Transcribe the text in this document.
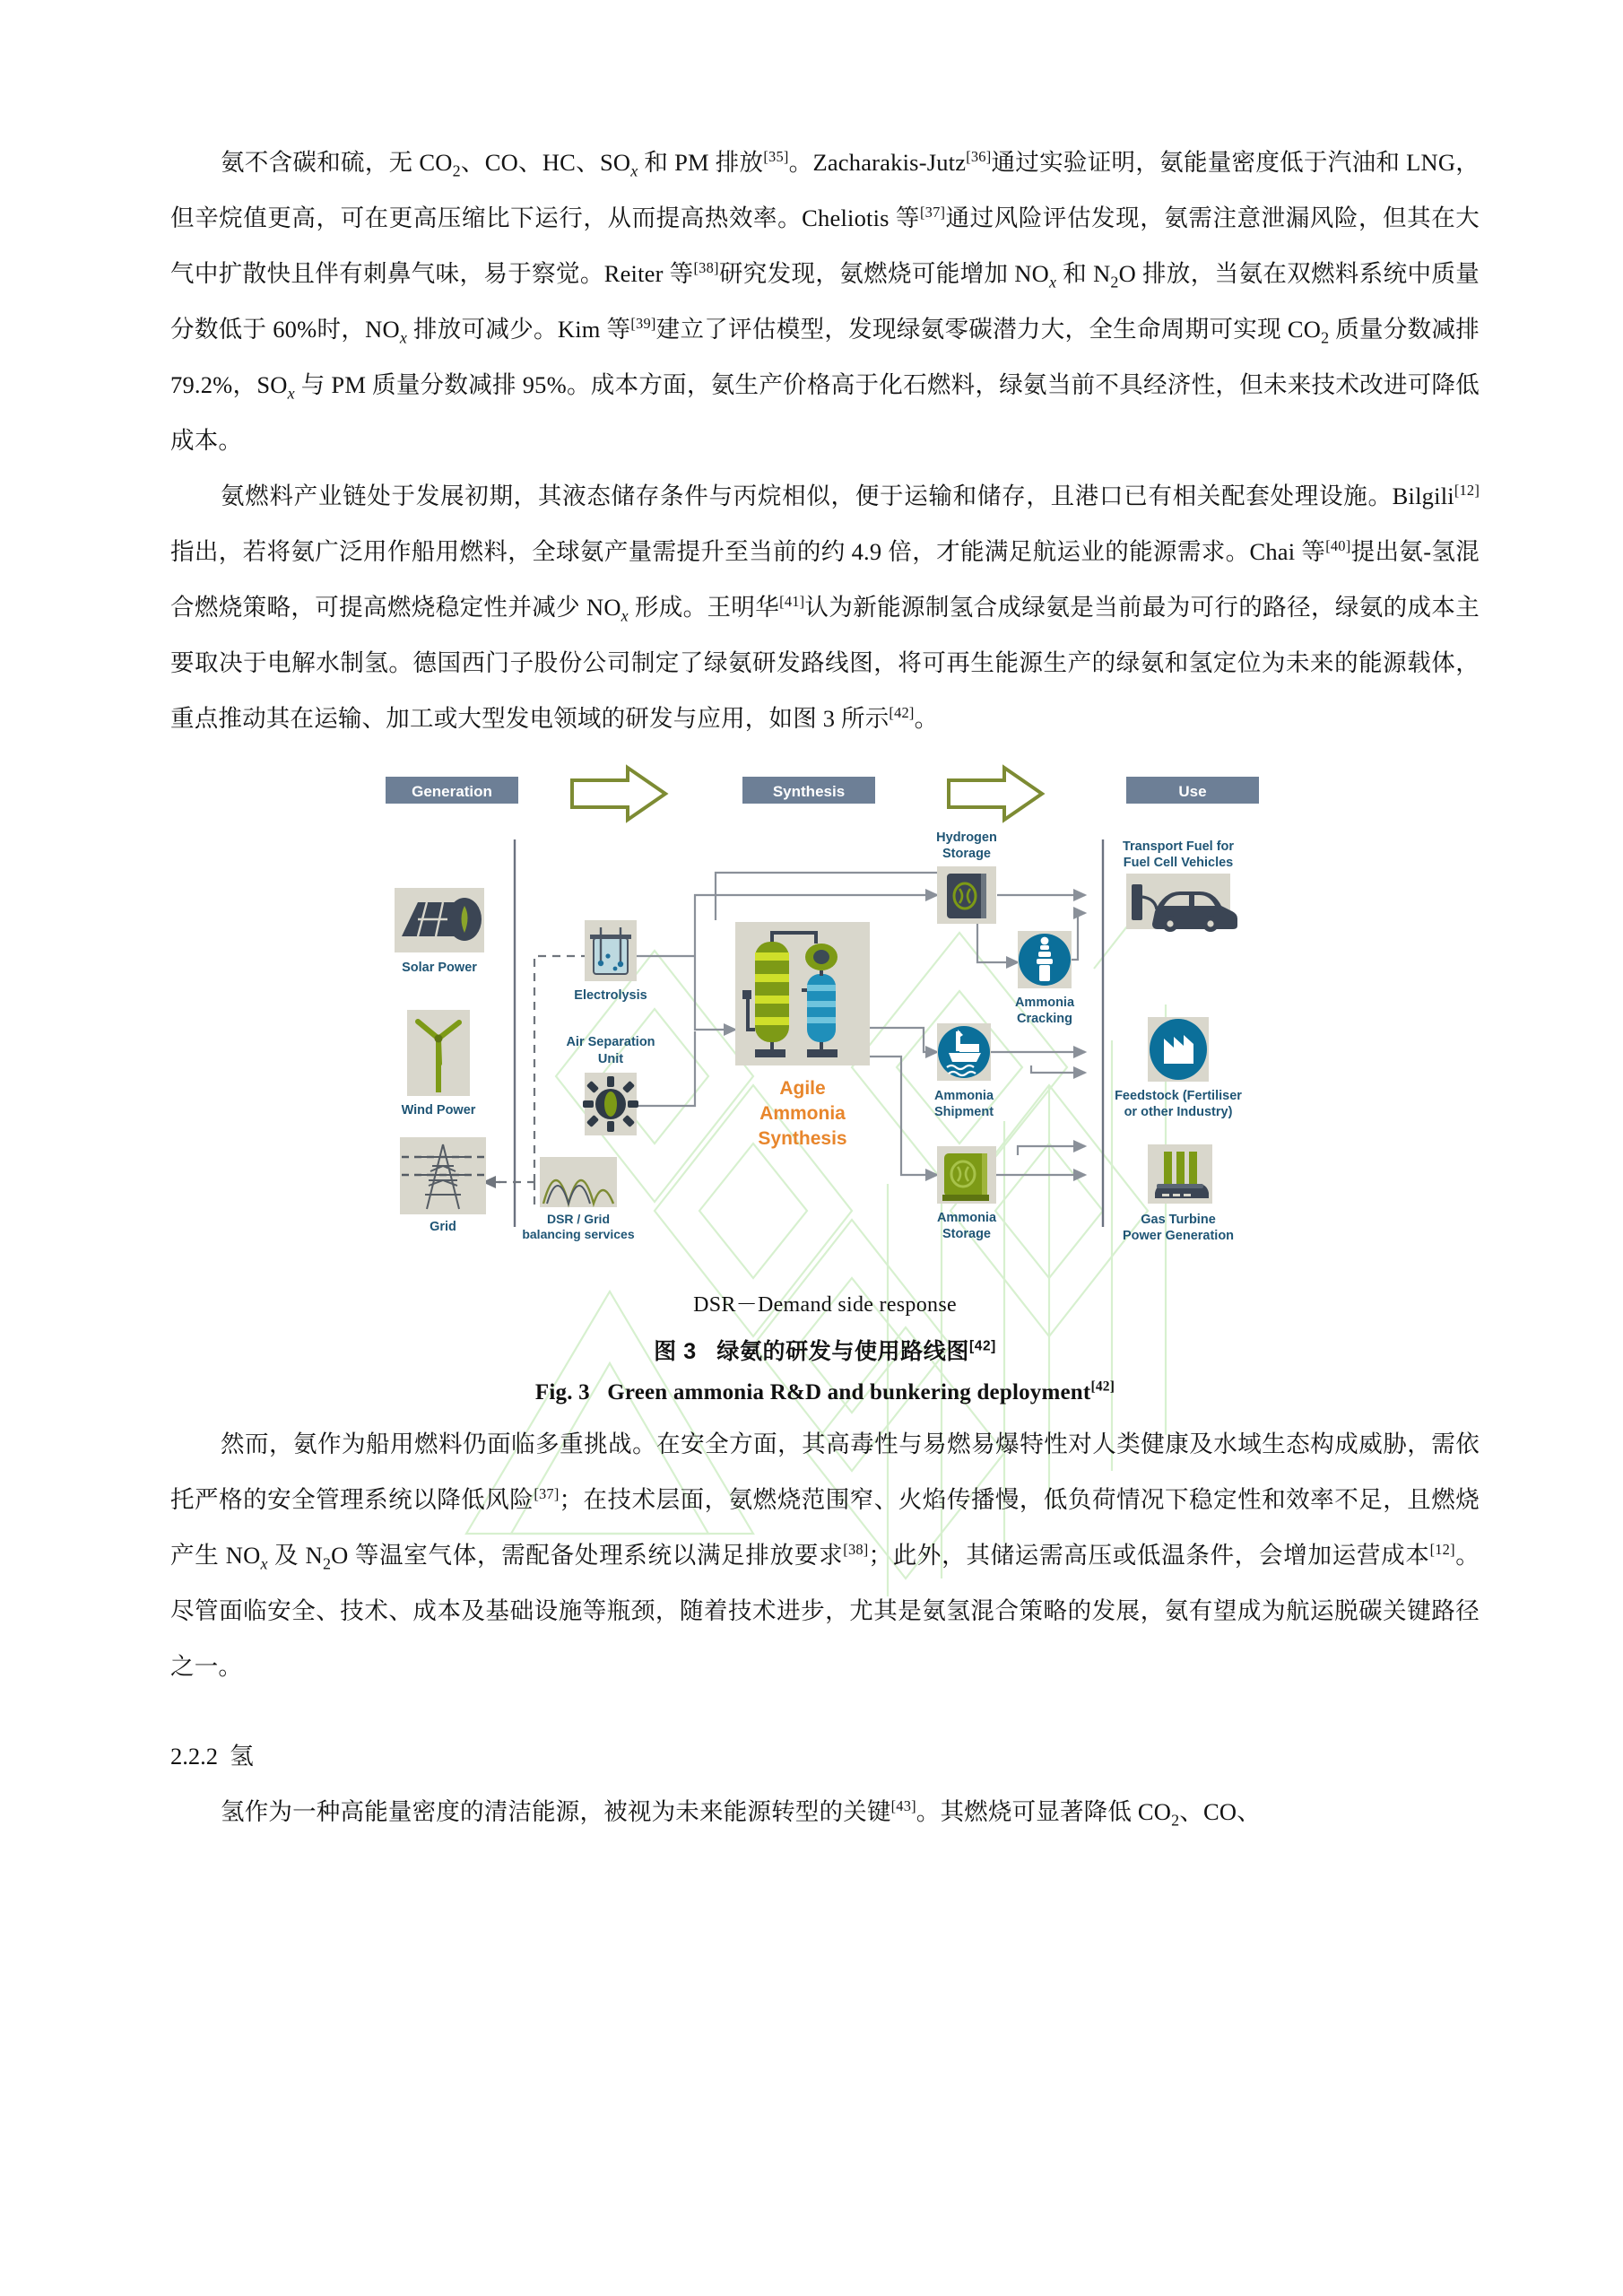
氨不含碳和硫，无 $CO_2$、CO、HC、$SO_x$ 和 PM 排放[35]。Zacharakis-Jutz[36]通过实验证明，氨能量密度低于汽油和 LNG，但辛烷值更高，可在更高压缩比下运行，从而提高热效率。Cheliotis 等[37]通过风险评估发现，氨需注意泄漏风险，但其在大气中扩散快且伴有刺鼻气味，易于察觉。Reiter 等[38]研究发现，氨燃烧可能增加 $NO_x$ 和 $N_2O$ 排放，当氨在双燃料系统中质量分数低于 60%时，$NO_x$ 排放可减少。Kim 等[39]建立了评估模型，发现绿氨零碳潜力大，全生命周期可实现 $CO_2$ 质量分数减排 79.2%，$SO_x$ 与 PM 质量分数减排 95%。成本方面，氨生产价格高于化石燃料，绿氨当前不具经济性，但未来技术改进可降低成本。

氨燃料产业链处于发展初期，其液态储存条件与丙烷相似，便于运输和储存，且港口已有相关配套处理设施。Bilgili[12]指出，若将氨广泛用作船用燃料，全球氨产量需提升至当前的约 4.9 倍，才能满足航运业的能源需求。Chai 等[40]提出氨-氢混合燃烧策略，可提高燃烧稳定性并减少 $NO_x$ 形成。王明华[41]认为新能源制氢合成绿氨是当前最为可行的路径，绿氨的成本主要取决于电解水制氢。德国西门子股份公司制定了绿氨研发路线图，将可再生能源生产的绿氨和氢定位为未来的能源载体，重点推动其在运输、加工或大型发电领域的研发与应用，如图 3 所示[42]。

Generation	Synthesis	Use
Solar Power
Wind Power
Grid
DSR / Grid
balancing services
Electrolysis
Air Separation
Unit
Agile
Ammonia
Synthesis
Hydrogen
Storage
Ammonia
Cracking
Ammonia
Shipment
Ammonia
Storage
Transport Fuel for
Fuel Cell Vehicles
Feedstock (Fertiliser
or other Industry)
Gas Turbine
Power Generation
DSR－Demand side response
图 3 绿氨的研发与使用路线图[42]
Fig. 3 Green ammonia R&D and bunkering deployment[42]

然而，氨作为船用燃料仍面临多重挑战。在安全方面，其高毒性与易燃易爆特性对人类健康及水域生态构成威胁，需依托严格的安全管理系统以降低风险[37]；在技术层面，氨燃烧范围窄、火焰传播慢，低负荷情况下稳定性和效率不足，且燃烧产生 $NO_x$ 及 $N_2O$ 等温室气体，需配备处理系统以满足排放要求[38]；此外，其储运需高压或低温条件，会增加运营成本[12]。尽管面临安全、技术、成本及基础设施等瓶颈，随着技术进步，尤其是氨氢混合策略的发展，氨有望成为航运脱碳关键路径之一。

2.2.2 氢

氢作为一种高能量密度的清洁能源，被视为未来能源转型的关键[43]。其燃烧可显著降低 $CO_2$、CO、
